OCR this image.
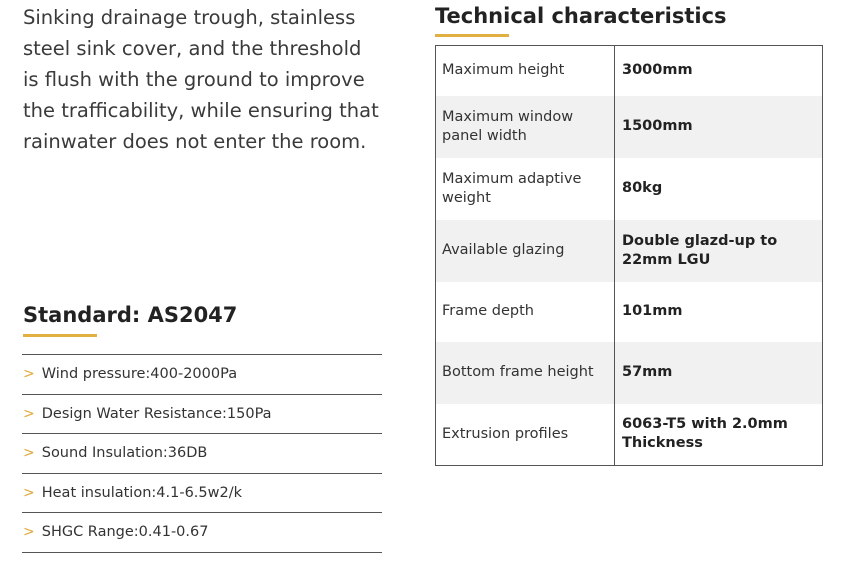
Sinking drainage trough, stainless steel sink cover, and the threshold is flush with the ground to improve the trafficability, while ensuring that rainwater does not enter the room.

Standard: AS2047
> Wind pressure:400-2000Pa
> Design Water Resistance:150Pa
> Sound Insulation:36DB
> Heat insulation:4.1-6.5w2/k
> SHGC Range:0.41-0.67
Technical characteristics
Maximum height	3000mm
Maximum window panel width	1500mm
Maximum adaptive weight	80kg
Available glazing	Double glazd-up to 22mm LGU
Frame depth	101mm
Bottom frame height	57mm
Extrusion profiles	6063-T5 with 2.0mm Thickness
